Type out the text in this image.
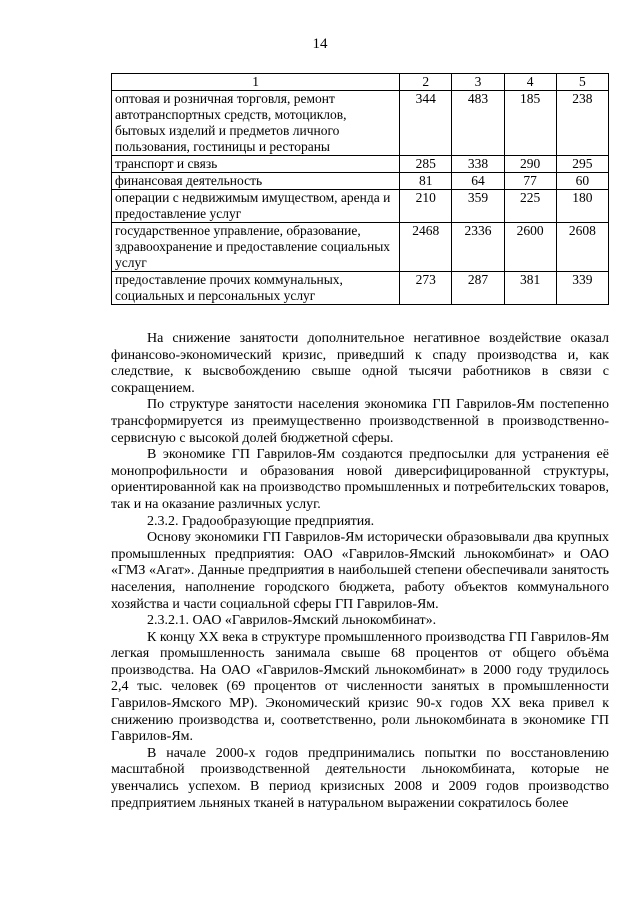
14
1	2	3	4	5
оптовая и розничная торговля, ремонт автотранспортных средств, мотоциклов, бытовых изделий и предметов личного пользования, гостиницы и рестораны	344	483	185	238
транспорт и связь	285	338	290	295
финансовая деятельность	81	64	77	60
операции с недвижимым имуществом, аренда и предоставление услуг	210	359	225	180
государственное управление, образование, здравоохранение и предоставление социальных услуг	2468	2336	2600	2608
предоставление прочих коммунальных, социальных и персональных услуг	273	287	381	339

На снижение занятости дополнительное негативное воздействие оказал финансово-экономический кризис, приведший к спаду производства и, как следствие, к высвобождению свыше одной тысячи работников в связи с сокращением.

По структуре занятости населения экономика ГП Гаврилов-Ям постепенно трансформируется из преимущественно производственной в производственно-сервисную с высокой долей бюджетной сферы.

В экономике ГП Гаврилов-Ям создаются предпосылки для устранения её монопрофильности и образования новой диверсифицированной структуры, ориентированной как на производство промышленных и потребительских товаров, так и на оказание различных услуг.

2.3.2. Градообразующие предприятия.

Основу экономики ГП Гаврилов-Ям исторически образовывали два крупных промышленных предприятия: ОАО «Гаврилов-Ямский льнокомбинат» и ОАО «ГМЗ «Агат». Данные предприятия в наибольшей степени обеспечивали занятость населения, наполнение городского бюджета, работу объектов коммунального хозяйства и части социальной сферы ГП Гаврилов-Ям.

2.3.2.1. ОАО «Гаврилов-Ямский льнокомбинат».

К концу XX века в структуре промышленного производства ГП Гаврилов-Ям легкая промышленность занимала свыше 68 процентов от общего объёма производства. На ОАО «Гаврилов-Ямский льнокомбинат» в 2000 году трудилось 2,4 тыс. человек (69 процентов от численности занятых в промышленности Гаврилов-Ямского МР). Экономический кризис 90-х годов XX века привел к снижению производства и, соответственно, роли льнокомбината в экономике ГП Гаврилов-Ям.

В начале 2000-х годов предпринимались попытки по восстановлению масштабной производственной деятельности льнокомбината, которые не увенчались успехом. В период кризисных 2008 и 2009 годов производство предприятием льняных тканей в натуральном выражении сократилось более
